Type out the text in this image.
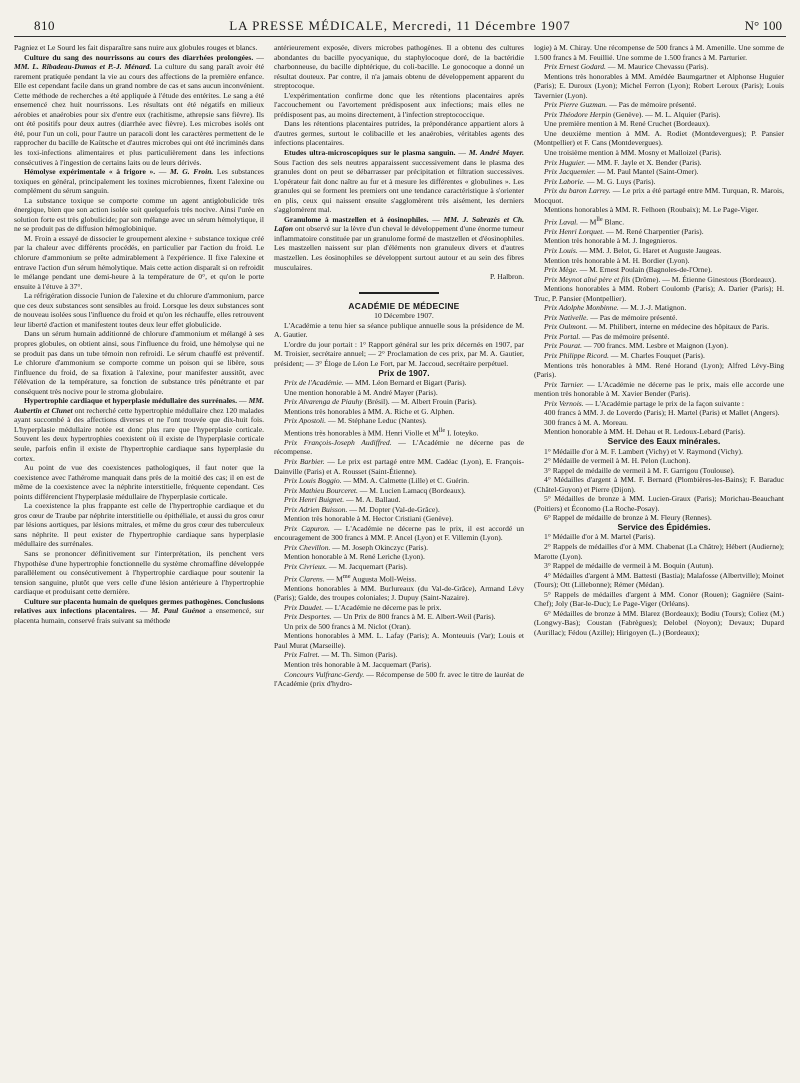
810	LA PRESSE MÉDICALE, Mercredi, 11 Décembre 1907	N° 100

Pagniez et Le Sourd les fait disparaître sans nuire aux globules rouges et blancs.

Culture du sang des nourrissons au cours des diarrhées prolongées. — MM. L. Ribadeau-Dumas et P.-J. Ménard. La culture du sang paraît avoir été rarement pratiquée pendant la vie au cours des affections de la première enfance. Elle est cependant facile dans un grand nombre de cas et sans aucun inconvénient. Cette méthode de recherches a été appliquée à l'étude des entérites. Le sang a été ensemencé chez huit nourrissons. Les résultats ont été négatifs en milieux aérobies et anaérobies pour six d'entre eux (rachitisme, athrepsie sans fièvre). Ils ont été positifs pour deux autres (diarrhée avec fièvre). Les microbes isolés ont été, pour l'un un coli, pour l'autre un paracoli dont les caractères permettent de le rapprocher du bacille de Kaütsche et d'autres microbes qui ont été incriminés dans les toxi-infections alimentaires et plus particulièrement dans les infections consécutives à l'ingestion de certains laits ou de leurs dérivés.

Hémolyse expérimentale « à frigore ». — M. G. Froin. Les substances toxiques en général, principalement les toxines microbiennes, fixent l'alexine ou complément du sérum sanguin.

La substance toxique se comporte comme un agent antiglobulicide très énergique, bien que son action isolée soit quelquefois très nocive. Ainsi l'urée en solution forte est très globulicide; par son mélange avec un sérum hémolytique, il ne se produit pas de diffusion hémoglobinique.

M. Froin a essayé de dissocier le groupement alexine + substance toxique créé par la chaleur avec différents procédés, en particulier par l'action du froid. Le chlorure d'ammonium se prête admirablement à l'expérience. Il fixe l'alexine et entrave l'action d'un sérum hémolytique. Mais cette action disparaît si on refroidit le mélange pendant une demi-heure à la température de 0°, et qu'on le porte ensuite à l'étuve à 37°.

La réfrigération dissocie l'union de l'alexine et du chlorure d'ammonium, parce que ces deux substances sont sensibles au froid. Lorsque les deux substances sont de nouveau isolées sous l'influence du froid et qu'on les réchauffe, elles retrouvent leur liberté d'action et manifestent toutes deux leur effet globulicide.

Dans un sérum humain additionné de chlorure d'ammonium et mélangé à ses propres globules, on obtient ainsi, sous l'influence du froid, une hémolyse qui ne se produit pas dans un tube témoin non refroidi. Le sérum chauffé est préventif. Le chlorure d'ammonium se comporte comme un poison qui se libère, sous l'influence du froid, de sa fixation à l'alexine, pour manifester aussitôt, avec l'élévation de la température, sa fonction de substance très pénétrante et par conséquent très nocive pour le stroma globulaire.

Hypertrophie cardiaque et hyperplasie médullaire des surrénales. — MM. Aubertin et Clunet ont recherché cette hypertrophie médullaire chez 120 malades ayant succombé à des affections diverses et ne l'ont trouvée que dix-huit fois. L'hyperplasie médullaire notée est donc plus rare que l'hyperplasie corticale. Souvent les deux hypertrophies coexistent où il existe de l'hyperplasie corticale seule, parfois enfin il existe de l'hypertrophie cardiaque sans hyperplasie du cortex.

Au point de vue des coexistences pathologiques, il faut noter que la coexistence avec l'athérome manquait dans près de la moitié des cas; il en est de même de la coexistence avec la néphrite interstitielle, fréquente cependant. Ces points différencient l'hyperplasie médullaire de l'hyperplasie corticale.

La coexistence la plus frappante est celle de l'hypertrophie cardiaque et du gros cœur de Traube par néphrite interstitielle ou épithéliale, et aussi du gros cœur par lésions aortiques, par lésions mitrales, et même du gros cœur des tuberculeux sans néphrite. Il peut exister de l'hypertrophie cardiaque sans hyperplasie médullaire des surrénales.

Sans se prononcer définitivement sur l'interprétation, ils penchent vers l'hypothèse d'une hypertrophie fonctionnelle du système chromaffine développée parallèlement ou consécutivement à l'hypertrophie cardiaque pour soutenir la tension sanguine, plutôt que vers celle d'une lésion antérieure à l'hypertrophie cardiaque et produisant cette dernière.

Culture sur placenta humain de quelques germes pathogènes. Conclusions relatives aux infections placentaires. — M. Paul Guénot a ensemencé, sur placenta humain, conservé frais suivant sa méthode

antérieurement exposée, divers microbes pathogènes. Il a obtenu des cultures abondantes du bacille pyocyanique, du staphylocoque doré, de la bactéridie charbonneuse, du bacille diphtérique, du coli-bacille. Le gonocoque a donné un résultat douteux. Par contre, il n'a jamais obtenu de développement apparent du streptocoque.

L'expérimentation confirme donc que les rétentions placentaires après l'accouchement ou l'avortement prédisposent aux infections; mais elles ne prédisposent pas, au moins directement, à l'infection streptococcique.

Dans les rétentions placentaires putrides, la prépondérance appartient alors à d'autres germes, surtout le colibacille et les anaérobies, véritables agents des infections placentaires.

Etudes ultra-microscopiques sur le plasma sanguin. — M. André Mayer. Sous l'action des sels neutres apparaissent successivement dans le plasma des granules dont on peut se débarrasser par précipitation et filtration successives. L'opérateur fait donc naître au fur et à mesure les différentes « globulines ». Les granules qui se forment les premiers ont une tendance caractéristique à s'orienter en plis, ceux qui naissent ensuite s'agglomèrent très aisément, les derniers s'agglomèrent mal.

Granulome à mastzellen et à éosinophiles. — MM. J. Sabrazès et Ch. Lafon ont observé sur la lèvre d'un cheval le développement d'une énorme tumeur inflammatoire constituée par un granulome formé de mastzellen et d'éosinophiles. Les mastzellen naissent sur plan d'éléments non granuleux divers et d'autres mastzellen. Les éosinophiles se développent surtout autour et au sein des fibres musculaires.

P. Halbron.

ACADÉMIE DE MÉDECINE

10 Décembre 1907.

L'Académie a tenu hier sa séance publique annuelle sous la présidence de M. A. Gautier.

L'ordre du jour portait : 1° Rapport général sur les prix décernés en 1907, par M. Troisier, secrétaire annuel; — 2° Proclamation de ces prix, par M. A. Gautier, président; — 3° Éloge de Léon Le Fort, par M. Jaccoud, secrétaire perpétuel.

Prix de 1907.

Prix de l'Académie. — MM. Léon Bernard et Bigart (Paris).

Une mention honorable à M. André Mayer (Paris).

Prix Alvarenga de Piauhy (Brésil). — M. Albert Frouin (Paris).

Mentions très honorables à MM. A. Riche et G. Alphen.

Prix Apostoli. — M. Stéphane Leduc (Nantes).

Mentions très honorables à MM. Henri Violle et $M^{lle}$ I. Ioteyko.

Prix François-Joseph Audiffred. — L'Académie ne décerne pas de récompense.

Prix Barbier. — Le prix est partagé entre MM. Cadéac (Lyon), E. François-Dainville (Paris) et A. Rousset (Saint-Étienne).

Prix Louis Boggio. — MM. A. Calmette (Lille) et C. Guérin.

Prix Mathieu Bourceret. — M. Lucien Lamacq (Bordeaux).

Prix Henri Buignet. — M. A. Ballaud.

Prix Adrien Buisson. — M. Dopter (Val-de-Grâce).

Mention très honorable à M. Hector Cristiani (Genève).

Prix Capuron. — L'Académie ne décerne pas le prix, il est accordé un encouragement de 300 francs à MM. P. Ancel (Lyon) et F. Villemin (Lyon).

Prix Chevillon. — M. Joseph Okinczyc (Paris).

Mention honorable à M. René Leriche (Lyon).

Prix Civrieux. — M. Jacquemart (Paris).

Prix Clarens. — $M^{me}$ Augusta Moll-Weiss.

Mentions honorables à MM. Burlureaux (du Val-de-Grâce), Armand Lévy (Paris); Galde, des troupes coloniales; J. Dupuy (Saint-Nazaire).

Prix Daudet. — L'Académie ne décerne pas le prix.

Prix Desportes. — Un Prix de 800 francs à M. E. Albert-Weil (Paris).

Un prix de 500 francs à M. Niclot (Oran).

Mentions honorables à MM. L. Lafay (Paris); A. Monteuuis (Var); Louis et Paul Murat (Marseille).

Prix Falret. — M. Th. Simon (Paris).

Mention très honorable à M. Jacquemart (Paris).

Concours Vulfranc-Gerdy. — Récompense de 500 fr. avec le titre de lauréat de l'Académie (prix d'hydro-

logie) à M. Chiray. Une récompense de 500 francs à M. Amenille. Une somme de 1.500 francs à M. Feuillié. Une somme de 1.500 francs à M. Parturier.

Prix Ernest Godard. — M. Maurice Chevassu (Paris).

Mentions très honorables à MM. Amédée Baumgartner et Alphonse Huguier (Paris); E. Duroux (Lyon); Michel Ferron (Lyon); Robert Leroux (Paris); Louis Tavernier (Lyon).

Prix Pierre Guzman. — Pas de mémoire présenté.

Prix Théodore Herpin (Genève). — M. L. Alquier (Paris).

Une première mention à M. René Cruchet (Bordeaux).

Une deuxième mention à MM. A. Rodiet (Montdevergues); P. Pansier (Montpellier) et F. Cans (Montdevergues).

Une troisième mention à MM. Mosny et Malloizel (Paris).

Prix Huguier. — MM. F. Jayle et X. Bender (Paris).

Prix Jacquemier. — M. Paul Mantel (Saint-Omer).

Prix Laborie. — M. G. Luys (Paris).

Prix du baron Larrey. — Le prix a été partagé entre MM. Turquan, R. Marois, Mocquot.

Mentions honorables à MM. R. Felhoen (Roubaix); M. Le Page-Viger.

Prix Laval. — $M^{lle}$ Blanc.

Prix Henri Lorquet. — M. René Charpentier (Paris).

Mention très honorable à M. J. Ingegnieros.

Prix Louis. — MM. J. Belot, G. Haret et Auguste Jaugeas.

Mention très honorable à M. H. Bordier (Lyon).

Prix Mège. — M. Ernest Poulain (Bagnoles-de-l'Orne).

Prix Meynot aîné père et fils (Drôme). — M. Étienne Ginestous (Bordeaux).

Mentions honorables à MM. Robert Coulomb (Paris); A. Darier (Paris); H. Truc, P. Pansier (Montpellier).

Prix Adolphe Monbinne. — M. J.-J. Matignon.

Prix Nativelle. — Pas de mémoire présenté.

Prix Oulmont. — M. Philibert, interne en médecine des hôpitaux de Paris.

Prix Portal. — Pas de mémoire présenté.

Prix Pourat. — 700 francs. MM. Lesbre et Maignon (Lyon).

Prix Philippe Ricord. — M. Charles Fouquet (Paris).

Mentions très honorables à MM. René Horand (Lyon); Alfred Lévy-Bing (Paris).

Prix Tarnier. — L'Académie ne décerne pas le prix, mais elle accorde une mention très honorable à M. Xavier Bender (Paris).

Prix Vernois. — L'Académie partage le prix de la façon suivante :

400 francs à MM. J. de Loverdo (Paris); H. Martel (Paris) et Mallet (Angers).

300 francs à M. A. Moreau.

Mention honorable à MM. H. Dehau et R. Ledoux-Lebard (Paris).

Service des Eaux minérales.

1° Médaille d'or à M. F. Lambert (Vichy) et V. Raymond (Vichy).

2° Médaille de vermeil à M. H. Pelon (Luchon).

3° Rappel de médaille de vermeil à M. F. Garrigou (Toulouse).

4° Médailles d'argent à MM. F. Bernard (Plombières-les-Bains); F. Baraduc (Châtel-Guyon) et Pierre (Dijon).

5° Médailles de bronze à MM. Lucien-Graux (Paris); Morichau-Beauchant (Poitiers) et Économo (La Roche-Posay).

6° Rappel de médaille de bronze à M. Fleury (Rennes).

Service des Épidémies.

1° Médaille d'or à M. Martel (Paris).

2° Rappels de médailles d'or à MM. Chabenat (La Châtre); Hébert (Audierne); Marotte (Lyon).

3° Rappel de médaille de vermeil à M. Boquin (Autun).

4° Médailles d'argent à MM. Battesti (Bastia); Malafosse (Albertville); Moinet (Tours); Ott (Lillebonne); Rémer (Médan).

5° Rappels de médailles d'argent à MM. Conor (Rouen); Gagnière (Saint-Chef); Joly (Bar-le-Duc); Le Page-Viger (Orléans).

6° Médailles de bronze à MM. Blarez (Bordeaux); Bodiu (Tours); Coliez (M.) (Longwy-Bas); Coustan (Fabrègues); Delobel (Noyon); Devaux; Dupard (Aurillac); Fédou (Azille); Hirigoyen (L.) (Bordeaux);
